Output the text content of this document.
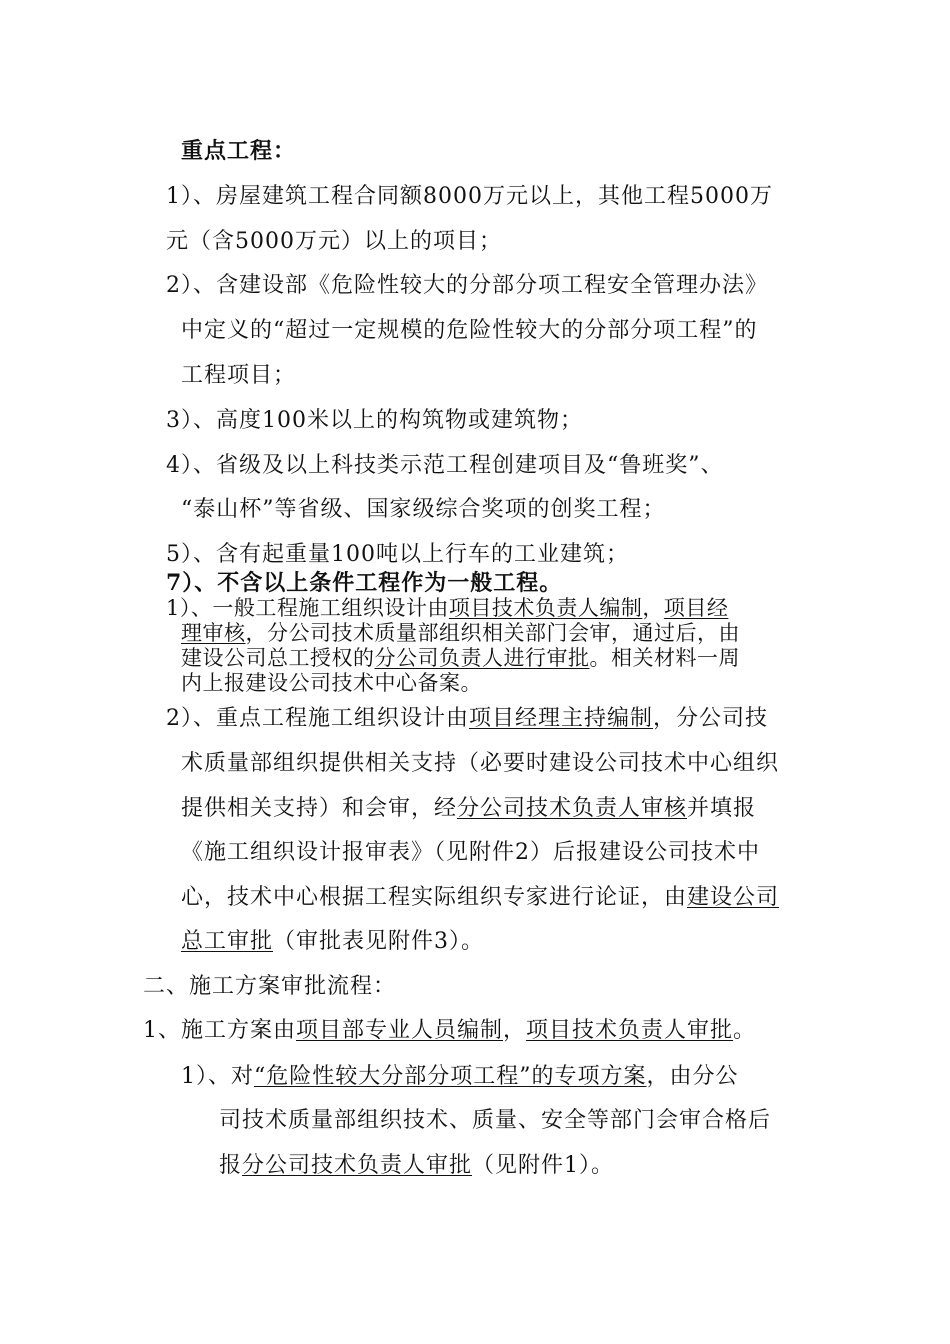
重点工程：
1）、房屋建筑工程合同额8000万元以上，其他工程5000万
元（含5000万元）以上的项目；
2）、含建设部《危险性较大的分部分项工程安全管理办法》
中定义的“超过一定规模的危险性较大的分部分项工程”的
工程项目；
3）、高度100米以上的构筑物或建筑物；
4）、省级及以上科技类示范工程创建项目及“鲁班奖”、
“泰山杯”等省级、国家级综合奖项的创奖工程；
5）、含有起重量100吨以上行车的工业建筑；
7）、不含以上条件工程作为一般工程。
1）、一般工程施工组织设计由项目技术负责人编制，项目经
理审核，分公司技术质量部组织相关部门会审，通过后，由
建设公司总工授权的分公司负责人进行审批。相关材料一周
内上报建设公司技术中心备案。
2）、重点工程施工组织设计由项目经理主持编制，分公司技
术质量部组织提供相关支持（必要时建设公司技术中心组织
提供相关支持）和会审，经分公司技术负责人审核并填报
《施工组织设计报审表》（见附件2）后报建设公司技术中
心，技术中心根据工程实际组织专家进行论证，由建设公司
总工审批（审批表见附件3）。
二、施工方案审批流程：
1、施工方案由项目部专业人员编制，项目技术负责人审批。
1）、对“危险性较大分部分项工程”的专项方案，由分公
司技术质量部组织技术、质量、安全等部门会审合格后
报分公司技术负责人审批（见附件1）。
